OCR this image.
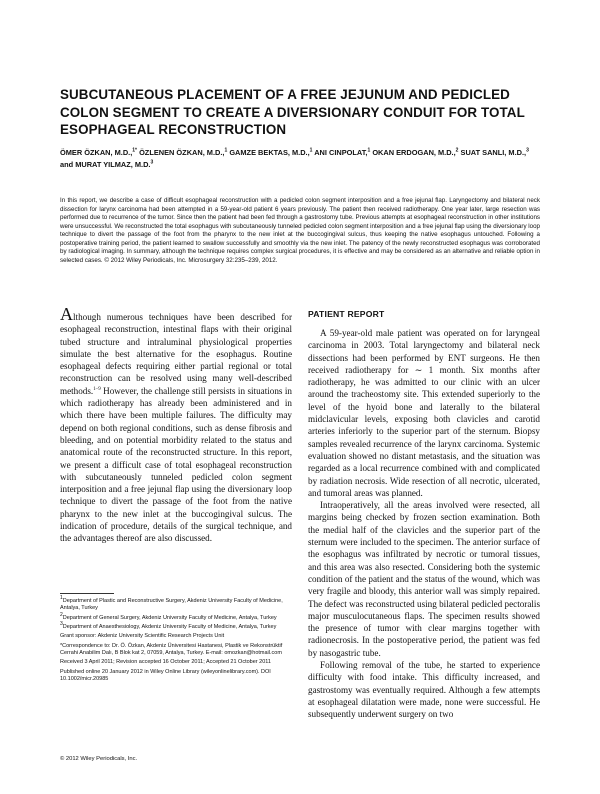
SUBCUTANEOUS PLACEMENT OF A FREE JEJUNUM AND PEDICLED COLON SEGMENT TO CREATE A DIVERSIONARY CONDUIT FOR TOTAL ESOPHAGEAL RECONSTRUCTION
ÖMER ÖZKAN, M.D.,$^{1*}$ ÖZLENEN ÖZKAN, M.D.,$^1$ GAMZE BEKTAS, M.D.,$^1$ ANI CINPOLAT,$^1$ OKAN ERDOGAN, M.D.,$^2$ SUAT SANLI, M.D.,$^3$ and MURAT YILMAZ, M.D.$^3$

In this report, we describe a case of difficult esophageal reconstruction with a pedicled colon segment interposition and a free jejunal flap. Laryngectomy and bilateral neck dissection for larynx carcinoma had been attempted in a 59-year-old patient 6 years previously. The patient then received radiotherapy. One year later, large resection was performed due to recurrence of the tumor. Since then the patient had been fed through a gastrostomy tube. Previous attempts at esophageal reconstruction in other institutions were unsuccessful. We reconstructed the total esophagus with subcutaneously tunneled pedicled colon segment interposition and a free jejunal flap using the diversionary loop technique to divert the passage of the foot from the pharynx to the new inlet at the buccogingival sulcus, thus keeping the native esophagus untouched. Following a postoperative training period, the patient learned to swallow successfully and smoothly via the new inlet. The patency of the newly reconstructed esophagus was corroborated by radiological imaging. In summary, although the technique requires complex surgical procedures, it is effective and may be considered as an alternative and reliable option in selected cases. © 2012 Wiley Periodicals, Inc. Microsurgery 32:235–239, 2012.

Although numerous techniques have been described for esophageal reconstruction, intestinal flaps with their original tubed structure and intraluminal physiological properties simulate the best alternative for the esophagus. Routine esophageal defects requiring either partial regional or total reconstruction can be resolved using many well-described methods.$^{1-9}$ However, the challenge still persists in situations in which radiotherapy has already been administered and in which there have been multiple failures. The difficulty may depend on both regional conditions, such as dense fibrosis and bleeding, and on potential morbidity related to the status and anatomical route of the reconstructed structure. In this report, we present a difficult case of total esophageal reconstruction with subcutaneously tunneled pedicled colon segment interposition and a free jejunal flap using the diversionary loop technique to divert the passage of the foot from the native pharynx to the new inlet at the buccogingival sulcus. The indication of procedure, details of the surgical technique, and the advantages thereof are also discussed.

$^1$Department of Plastic and Reconstructive Surgery, Akdeniz University Faculty of Medicine, Antalya, Turkey

$^2$Department of General Surgery, Akdeniz University Faculty of Medicine, Antalya, Turkey

$^3$Department of Anaesthesiology, Akdeniz University Faculty of Medicine, Antalya, Turkey

Grant sponsor: Akdeniz University Scientific Research Projects Unit

*Correspondence to: Dr. Ö. Özkan, Akdeniz Üniversitesi Hastanesi, Plastik ve Rekonstrüktif Cerrahi Anabilim Dalı, B Blok kat 2, 07059, Antalya, Turkey. E-mail: omozkan@hotmail.com

Received 3 April 2011; Revision accepted 16 October 2011; Accepted 21 October 2011

Published online 20 January 2012 in Wiley Online Library (wileyonlinelibrary.com). DOI 10.1002/micr.20985

© 2012 Wiley Periodicals, Inc.
PATIENT REPORT

A 59-year-old male patient was operated on for laryngeal carcinoma in 2003. Total laryngectomy and bilateral neck dissections had been performed by ENT surgeons. He then received radiotherapy for ∼ 1 month. Six months after radiotherapy, he was admitted to our clinic with an ulcer around the tracheostomy site. This extended superiorly to the level of the hyoid bone and laterally to the bilateral midclavicular levels, exposing both clavicles and carotid arteries inferiorly to the superior part of the sternum. Biopsy samples revealed recurrence of the larynx carcinoma. Systemic evaluation showed no distant metastasis, and the situation was regarded as a local recurrence combined with and complicated by radiation necrosis. Wide resection of all necrotic, ulcerated, and tumoral areas was planned.

Intraoperatively, all the areas involved were resected, all margins being checked by frozen section examination. Both the medial half of the clavicles and the superior part of the sternum were included to the specimen. The anterior surface of the esophagus was infiltrated by necrotic or tumoral tissues, and this area was also resected. Considering both the systemic condition of the patient and the status of the wound, which was very fragile and bloody, this anterior wall was simply repaired. The defect was reconstructed using bilateral pedicled pectoralis major musculocutaneous flaps. The specimen results showed the presence of tumor with clear margins together with radionecrosis. In the postoperative period, the patient was fed by nasogastric tube.

Following removal of the tube, he started to experience difficulty with food intake. This difficulty increased, and gastrostomy was eventually required. Although a few attempts at esophageal dilatation were made, none were successful. He subsequently underwent surgery on two
